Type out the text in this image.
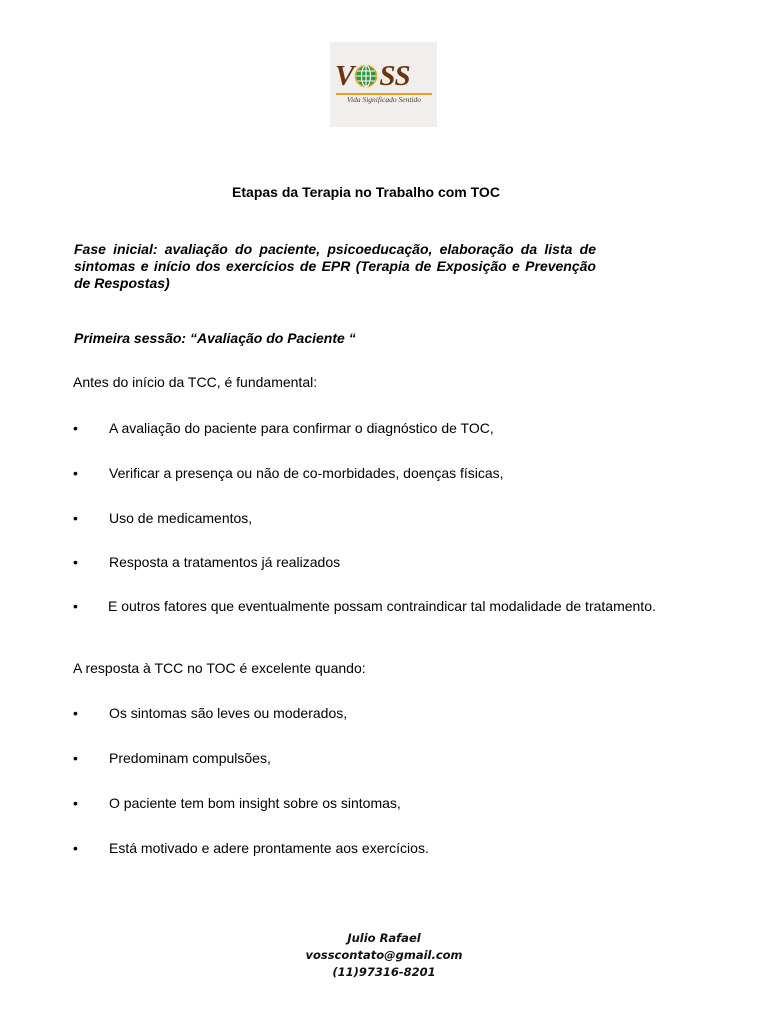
V SS
Vida Significado Sentido
Etapas da Terapia no Trabalho com TOC
Fase inicial: avaliação do paciente, psicoeducação, elaboração da lista de sintomas e início dos exercícios de EPR (Terapia de Exposição e Prevenção de Respostas)
Primeira sessão: “Avaliação do Paciente “
Antes do início da TCC, é fundamental:
• A avaliação do paciente para confirmar o diagnóstico de TOC,
• Verificar a presença ou não de co-morbidades, doenças físicas,
• Uso de medicamentos,
• Resposta a tratamentos já realizados
• E outros fatores que eventualmente possam contraindicar tal modalidade de tratamento.
A resposta à TCC no TOC é excelente quando:
• Os sintomas são leves ou moderados,
• Predominam compulsões,
• O paciente tem bom insight sobre os sintomas,
• Está motivado e adere prontamente aos exercícios.
Julio Rafael
vosscontato@gmail.com
(11)97316-8201
